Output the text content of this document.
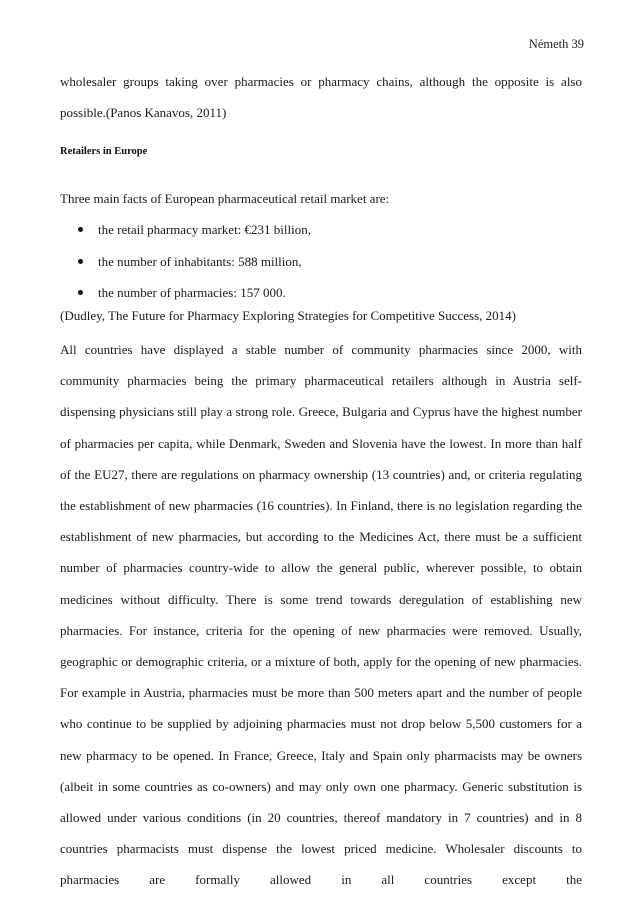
Németh 39

wholesaler groups taking over pharmacies or pharmacy chains, although the opposite is also possible.(Panos Kanavos, 2011)

Retailers in Europe
Three main facts of European pharmaceutical retail market are:
the retail pharmacy market: €231 billion,
the number of inhabitants: 588 million,
the number of pharmacies: 157 000.
(Dudley, The Future for Pharmacy Exploring Strategies for Competitive Success, 2014)

All countries have displayed a stable number of community pharmacies since 2000, with community pharmacies being the primary pharmaceutical retailers although in Austria self-dispensing physicians still play a strong role. Greece, Bulgaria and Cyprus have the highest number of pharmacies per capita, while Denmark, Sweden and Slovenia have the lowest. In more than half of the EU27, there are regulations on pharmacy ownership (13 countries) and, or criteria regulating the establishment of new pharmacies (16 countries). In Finland, there is no legislation regarding the establishment of new pharmacies, but according to the Medicines Act, there must be a sufficient number of pharmacies country-wide to allow the general public, wherever possible, to obtain medicines without difficulty. There is some trend towards deregulation of establishing new pharmacies. For instance, criteria for the opening of new pharmacies were removed. Usually, geographic or demographic criteria, or a mixture of both, apply for the opening of new pharmacies. For example in Austria, pharmacies must be more than 500 meters apart and the number of people who continue to be supplied by adjoining pharmacies must not drop below 5,500 customers for a new pharmacy to be opened. In France, Greece, Italy and Spain only pharmacists may be owners (albeit in some countries as co-owners) and may only own one pharmacy. Generic substitution is allowed under various conditions (in 20 countries, thereof mandatory in 7 countries) and in 8 countries pharmacists must dispense the lowest priced medicine. Wholesaler discounts to pharmacies are formally allowed in all countries except the
